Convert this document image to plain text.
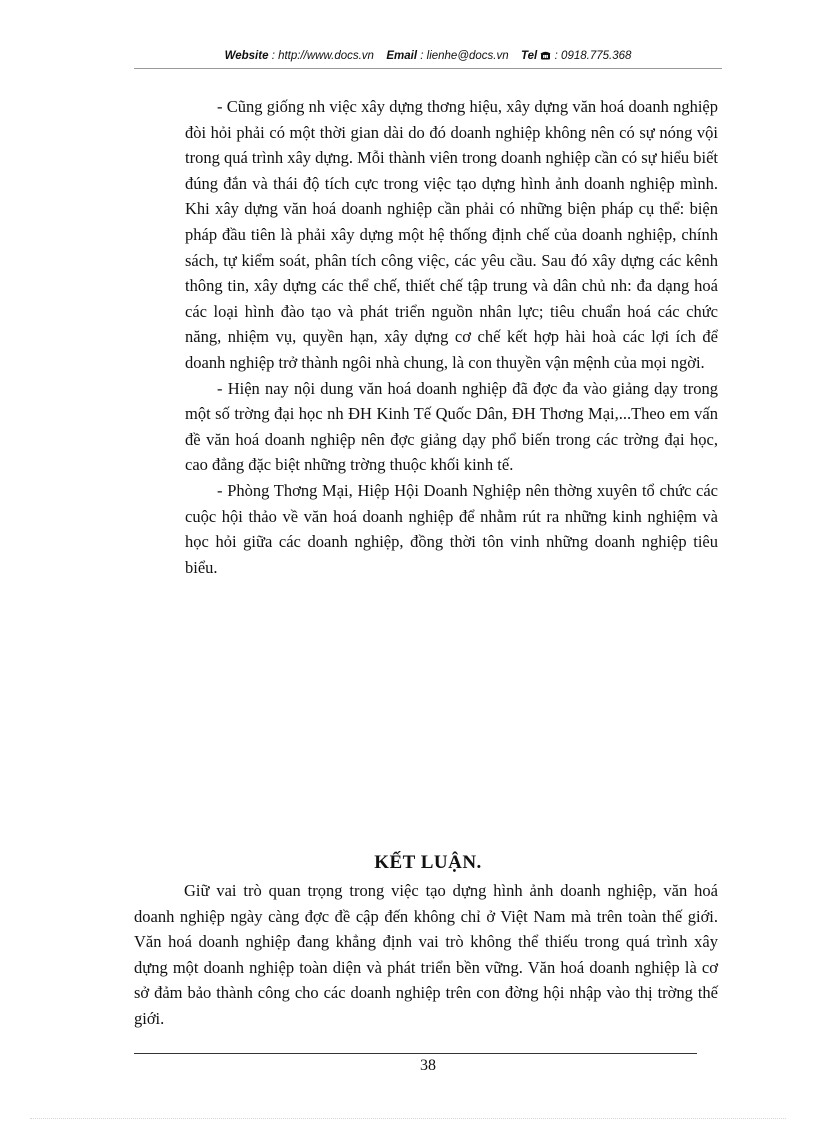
Website : http://www.docs.vn Email : lienhe@docs.vn Tel : 0918.775.368

- Cũng giống nh việc xây dựng thơng hiệu, xây dựng văn hoá doanh nghiệp đòi hỏi phải có một thời gian dài do đó doanh nghiệp không nên có sự nóng vội trong quá trình xây dựng. Mỗi thành viên trong doanh nghiệp cần có sự hiểu biết đúng đắn và thái độ tích cực trong việc tạo dựng hình ảnh doanh nghiệp mình. Khi xây dựng văn hoá doanh nghiệp cần phải có những biện pháp cụ thể: biện pháp đầu tiên là phải xây dựng một hệ thống định chế của doanh nghiệp, chính sách, tự kiểm soát, phân tích công việc, các yêu cầu. Sau đó xây dựng các kênh thông tin, xây dựng các thể chế, thiết chế tập trung và dân chủ nh: đa dạng hoá các loại hình đào tạo và phát triển nguồn nhân lực; tiêu chuẩn hoá các chức năng, nhiệm vụ, quyền hạn, xây dựng cơ chế kết hợp hài hoà các lợi ích để doanh nghiệp trở thành ngôi nhà chung, là con thuyền vận mệnh của mọi ngời.

- Hiện nay nội dung văn hoá doanh nghiệp đã đợc đa vào giảng dạy trong một số trờng đại học nh ĐH Kinh Tế Quốc Dân, ĐH Thơng Mại,...Theo em vấn đề văn hoá doanh nghiệp nên đợc giảng dạy phổ biến trong các trờng đại học, cao đẳng đặc biệt những trờng thuộc khối kinh tế.

- Phòng Thơng Mại, Hiệp Hội Doanh Nghiệp nên thờng xuyên tổ chức các cuộc hội thảo về văn hoá doanh nghiệp để nhằm rút ra những kinh nghiệm và học hỏi giữa các doanh nghiệp, đồng thời tôn vinh những doanh nghiệp tiêu biểu.

KẾT LUẬN.

Giữ vai trò quan trọng trong việc tạo dựng hình ảnh doanh nghiệp, văn hoá doanh nghiệp ngày càng đợc đề cập đến không chỉ ở Việt Nam mà trên toàn thế giới. Văn hoá doanh nghiệp đang khẳng định vai trò không thể thiếu trong quá trình xây dựng một doanh nghiệp toàn diện và phát triển bền vững. Văn hoá doanh nghiệp là cơ sở đảm bảo thành công cho các doanh nghiệp trên con đờng hội nhập vào thị trờng thế giới.

38
